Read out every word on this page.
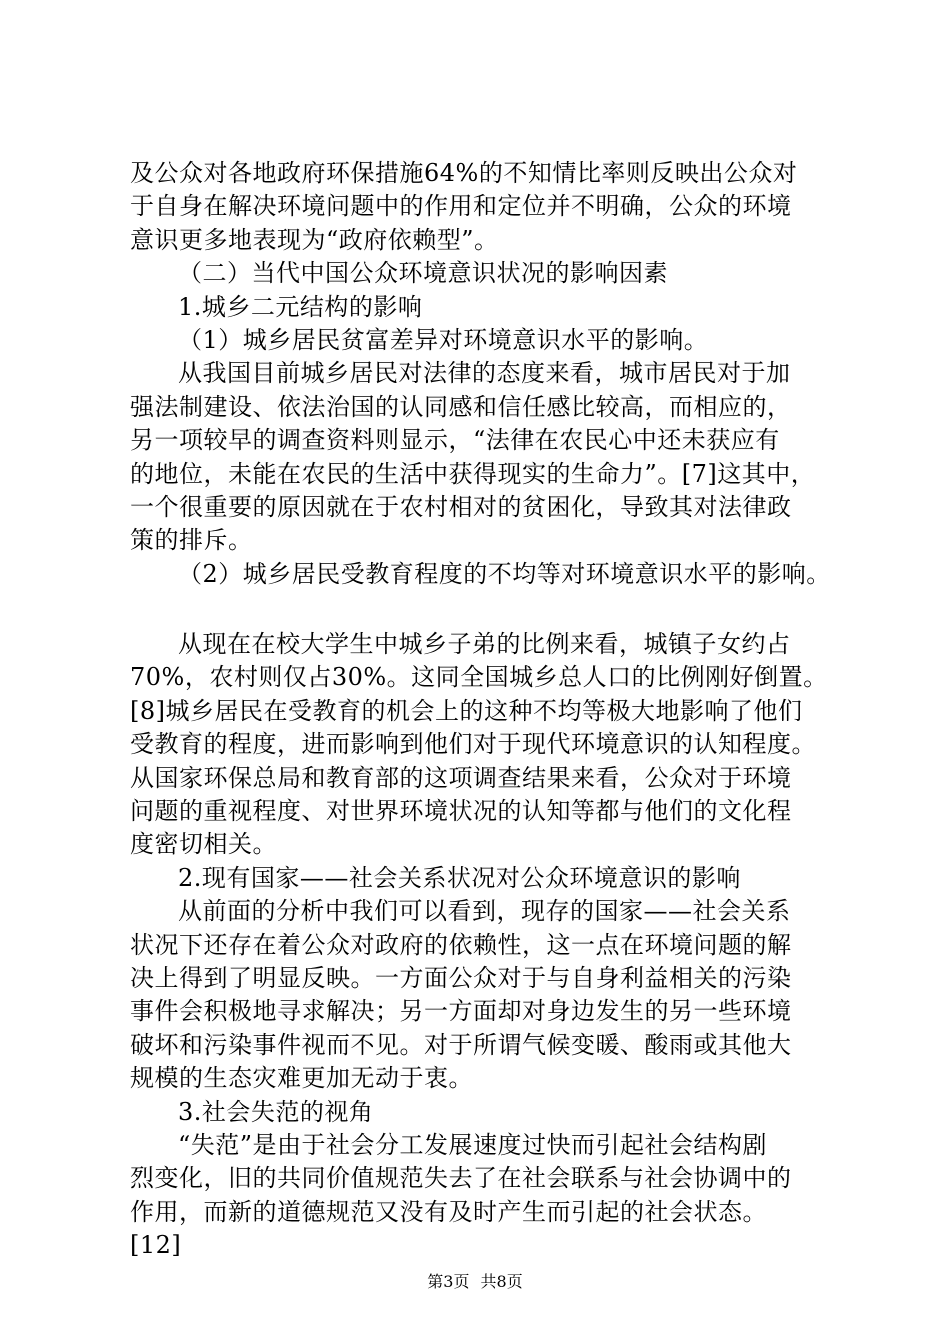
及公众对各地政府环保措施64%的不知情比率则反映出公众对
于自身在解决环境问题中的作用和定位并不明确，公众的环境
意识更多地表现为“政府依赖型”。
（二）当代中国公众环境意识状况的影响因素
1.城乡二元结构的影响
（1）城乡居民贫富差异对环境意识水平的影响。
从我国目前城乡居民对法律的态度来看，城市居民对于加
强法制建设、依法治国的认同感和信任感比较高，而相应的，
另一项较早的调查资料则显示，“法律在农民心中还未获应有
的地位，未能在农民的生活中获得现实的生命力”。[7]这其中，
一个很重要的原因就在于农村相对的贫困化，导致其对法律政
策的排斥。
（2）城乡居民受教育程度的不均等对环境意识水平的影响。
从现在在校大学生中城乡子弟的比例来看，城镇子女约占
70%，农村则仅占30%。这同全国城乡总人口的比例刚好倒置。
[8]城乡居民在受教育的机会上的这种不均等极大地影响了他们
受教育的程度，进而影响到他们对于现代环境意识的认知程度。
从国家环保总局和教育部的这项调查结果来看，公众对于环境
问题的重视程度、对世界环境状况的认知等都与他们的文化程
度密切相关。
2.现有国家——社会关系状况对公众环境意识的影响
从前面的分析中我们可以看到，现存的国家——社会关系
状况下还存在着公众对政府的依赖性，这一点在环境问题的解
决上得到了明显反映。一方面公众对于与自身利益相关的污染
事件会积极地寻求解决；另一方面却对身边发生的另一些环境
破坏和污染事件视而不见。对于所谓气候变暖、酸雨或其他大
规模的生态灾难更加无动于衷。
3.社会失范的视角
“失范”是由于社会分工发展速度过快而引起社会结构剧
烈变化，旧的共同价值规范失去了在社会联系与社会协调中的
作用，而新的道德规范又没有及时产生而引起的社会状态。
[12]
第3页 共8页
